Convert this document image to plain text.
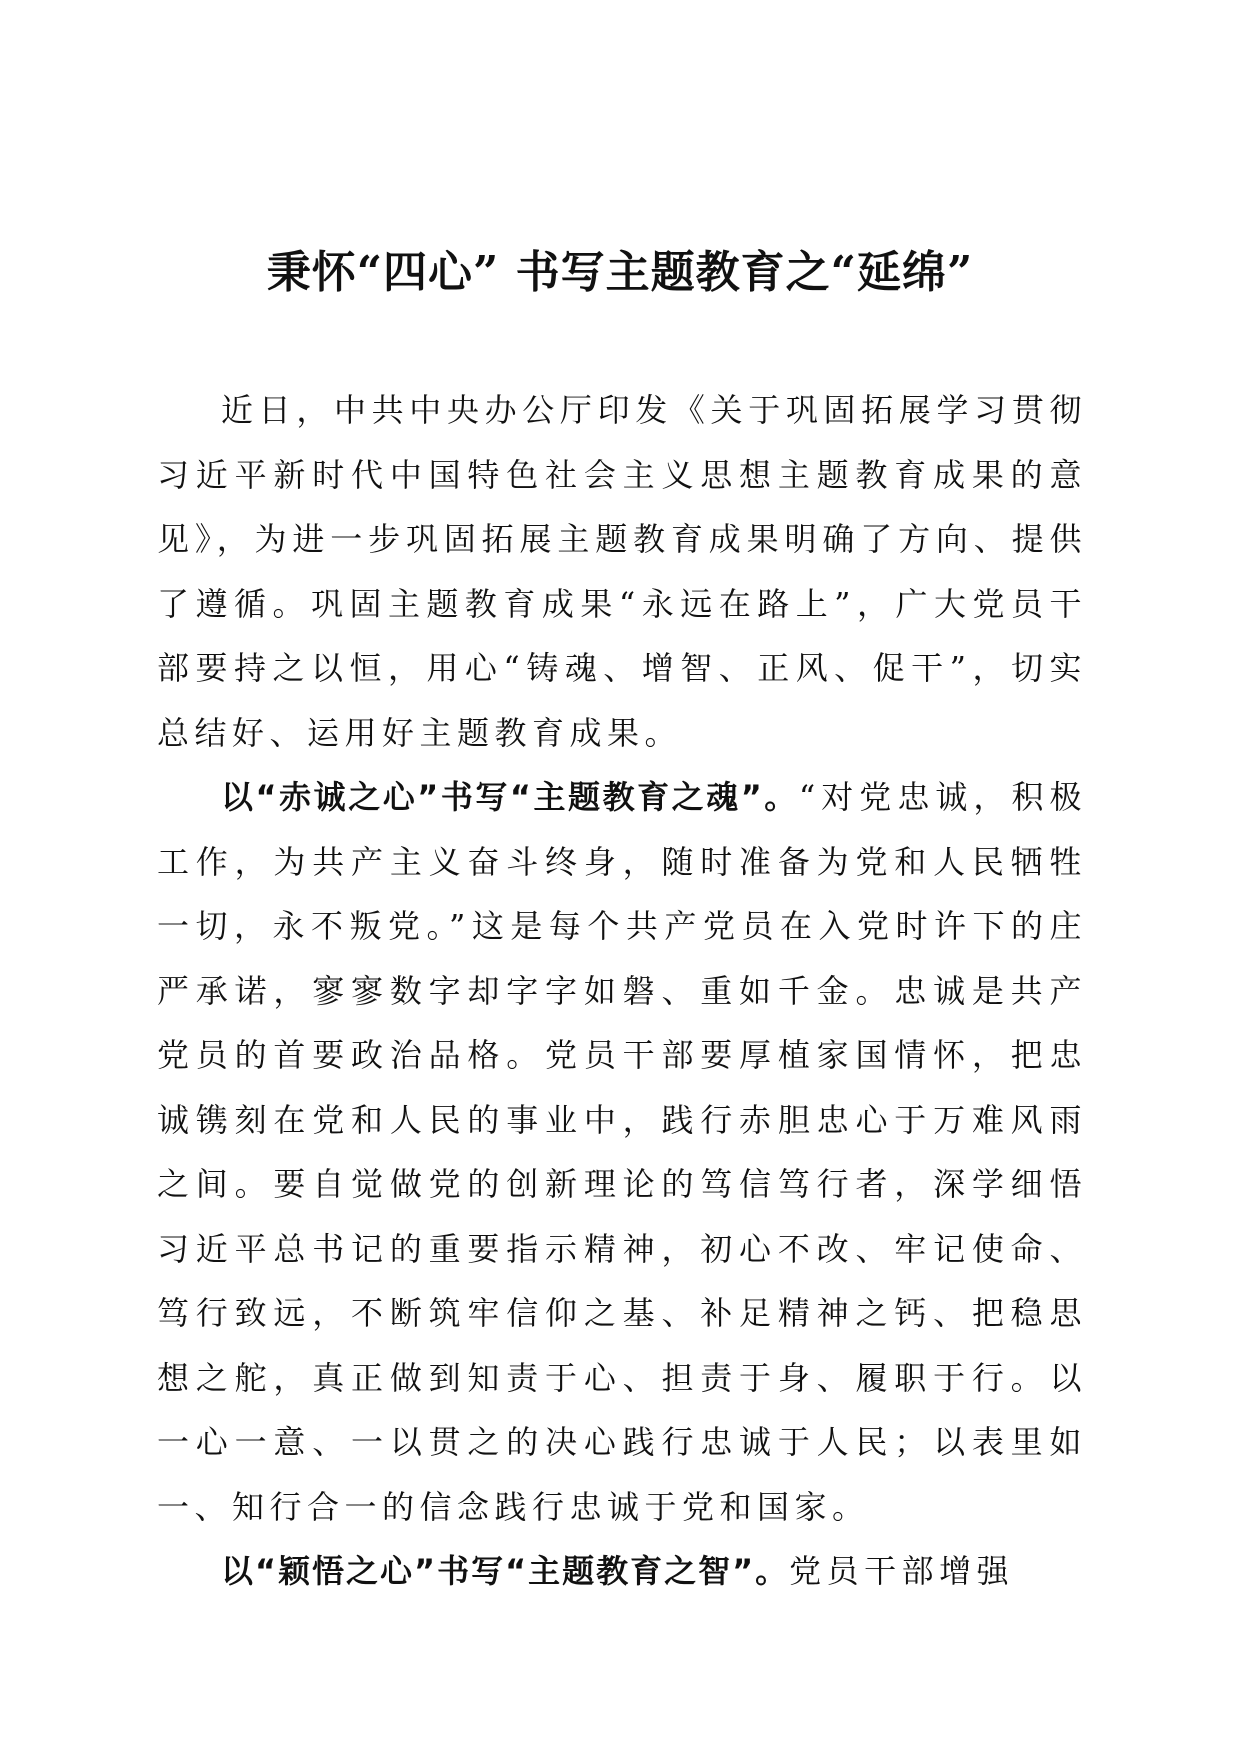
秉怀“四心” 书写主题教育之“延绵”

近日，中共中央办公厅印发《关于巩固拓展学习贯彻习近平新时代中国特色社会主义思想主题教育成果的意见》，为进一步巩固拓展主题教育成果明确了方向、提供了遵循。巩固主题教育成果“永远在路上”，广大党员干部要持之以恒，用心“铸魂、增智、正风、促干”，切实总结好、运用好主题教育成果。

以“赤诚之心”书写“主题教育之魂”。“对党忠诚，积极工作，为共产主义奋斗终身，随时准备为党和人民牺牲一切，永不叛党。”这是每个共产党员在入党时许下的庄严承诺，寥寥数字却字字如磐、重如千金。忠诚是共产党员的首要政治品格。党员干部要厚植家国情怀，把忠诚镌刻在党和人民的事业中，践行赤胆忠心于万难风雨之间。要自觉做党的创新理论的笃信笃行者，深学细悟习近平总书记的重要指示精神，初心不改、牢记使命、笃行致远，不断筑牢信仰之基、补足精神之钙、把稳思想之舵，真正做到知责于心、担责于身、履职于行。以一心一意、一以贯之的决心践行忠诚于人民；以表里如一、知行合一的信念践行忠诚于党和国家。

以“颖悟之心”书写“主题教育之智”。党员干部增强
